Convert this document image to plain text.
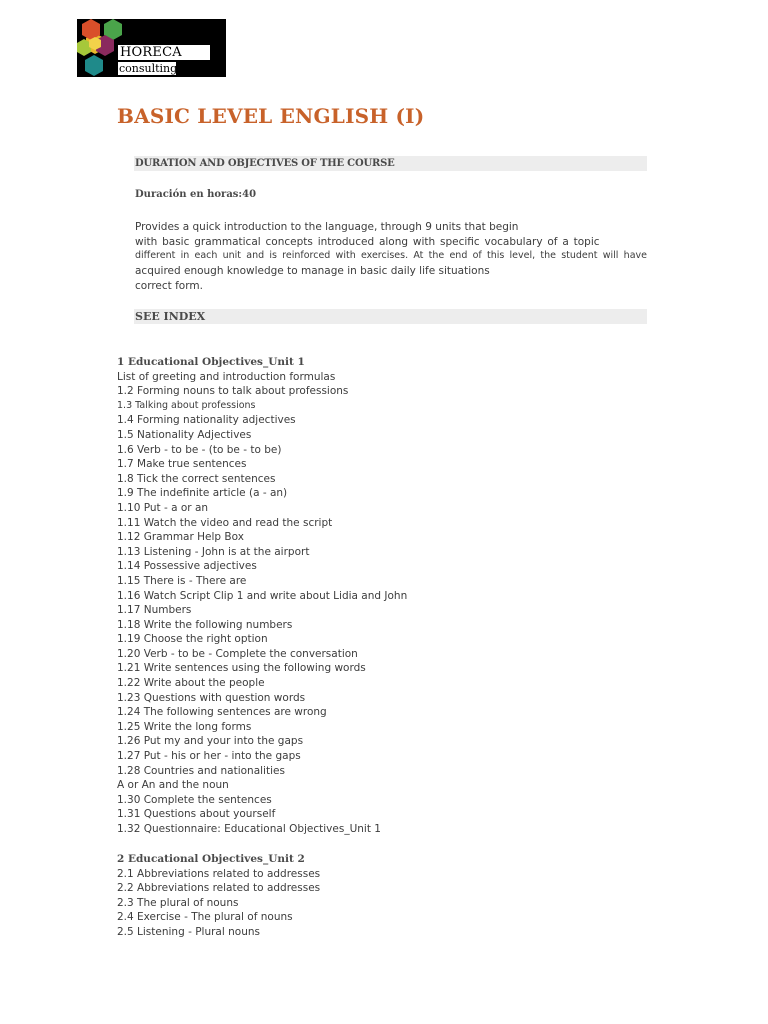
HORECA
consulting
BASIC LEVEL ENGLISH (I)
DURATION AND OBJECTIVES OF THE COURSE
Duración en horas:40
Provides a quick introduction to the language, through 9 units that begin
with basic grammatical concepts introduced along with specific vocabulary of a topic
different in each unit and is reinforced with exercises. At the end of this level, the student will have
acquired enough knowledge to manage in basic daily life situations
correct form.
SEE INDEX
1 Educational Objectives_Unit 1
List of greeting and introduction formulas
1.2 Forming nouns to talk about professions
1.3 Talking about professions
1.4 Forming nationality adjectives
1.5 Nationality Adjectives
1.6 Verb - to be - (to be - to be)
1.7 Make true sentences
1.8 Tick the correct sentences
1.9 The indefinite article (a - an)
1.10 Put - a or an
1.11 Watch the video and read the script
1.12 Grammar Help Box
1.13 Listening - John is at the airport
1.14 Possessive adjectives
1.15 There is - There are
1.16 Watch Script Clip 1 and write about Lidia and John
1.17 Numbers
1.18 Write the following numbers
1.19 Choose the right option
1.20 Verb - to be - Complete the conversation
1.21 Write sentences using the following words
1.22 Write about the people
1.23 Questions with question words
1.24 The following sentences are wrong
1.25 Write the long forms
1.26 Put my and your into the gaps
1.27 Put - his or her - into the gaps
1.28 Countries and nationalities
A or An and the noun
1.30 Complete the sentences
1.31 Questions about yourself
1.32 Questionnaire: Educational Objectives_Unit 1
2 Educational Objectives_Unit 2
2.1 Abbreviations related to addresses
2.2 Abbreviations related to addresses
2.3 The plural of nouns
2.4 Exercise - The plural of nouns
2.5 Listening - Plural nouns
